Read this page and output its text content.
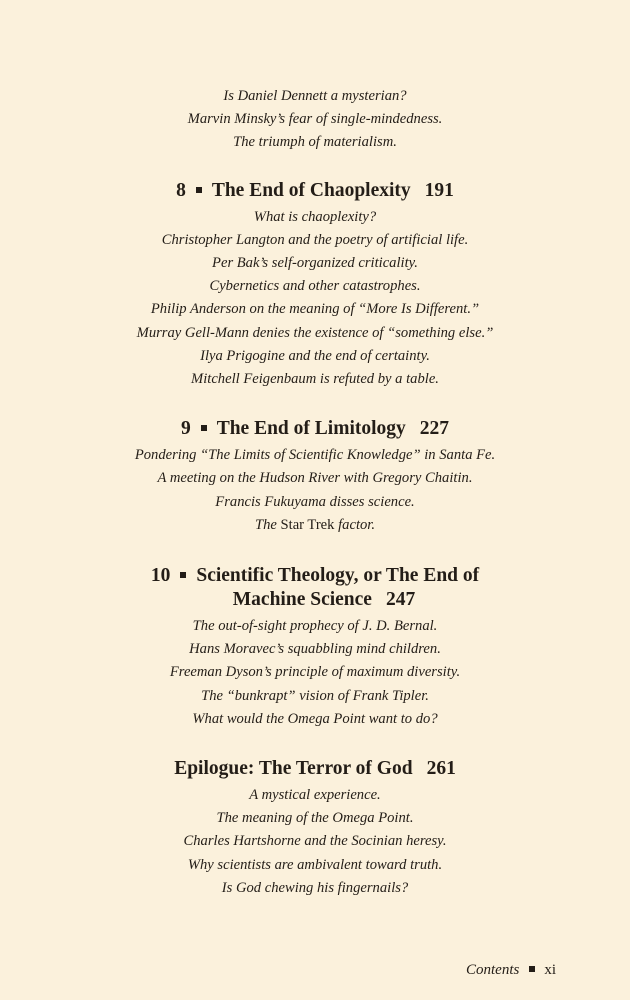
Is Daniel Dennett a mysterian?
Marvin Minsky’s fear of single-mindedness.
The triumph of materialism.
8 The End of Chaoplexity 191
What is chaoplexity?
Christopher Langton and the poetry of artificial life.
Per Bak’s self-organized criticality.
Cybernetics and other catastrophes.
Philip Anderson on the meaning of “More Is Different.”
Murray Gell-Mann denies the existence of “something else.”
Ilya Prigogine and the end of certainty.
Mitchell Feigenbaum is refuted by a table.
9 The End of Limitology 227
Pondering “The Limits of Scientific Knowledge” in Santa Fe.
A meeting on the Hudson River with Gregory Chaitin.
Francis Fukuyama disses science.
The Star Trek factor.
10 Scientific Theology, or The End of
Machine Science 247
The out-of-sight prophecy of J. D. Bernal.
Hans Moravec’s squabbling mind children.
Freeman Dyson’s principle of maximum diversity.
The “bunkrapt” vision of Frank Tipler.
What would the Omega Point want to do?
Epilogue: The Terror of God 261
A mystical experience.
The meaning of the Omega Point.
Charles Hartshorne and the Socinian heresy.
Why scientists are ambivalent toward truth.
Is God chewing his fingernails?
Contents xi
